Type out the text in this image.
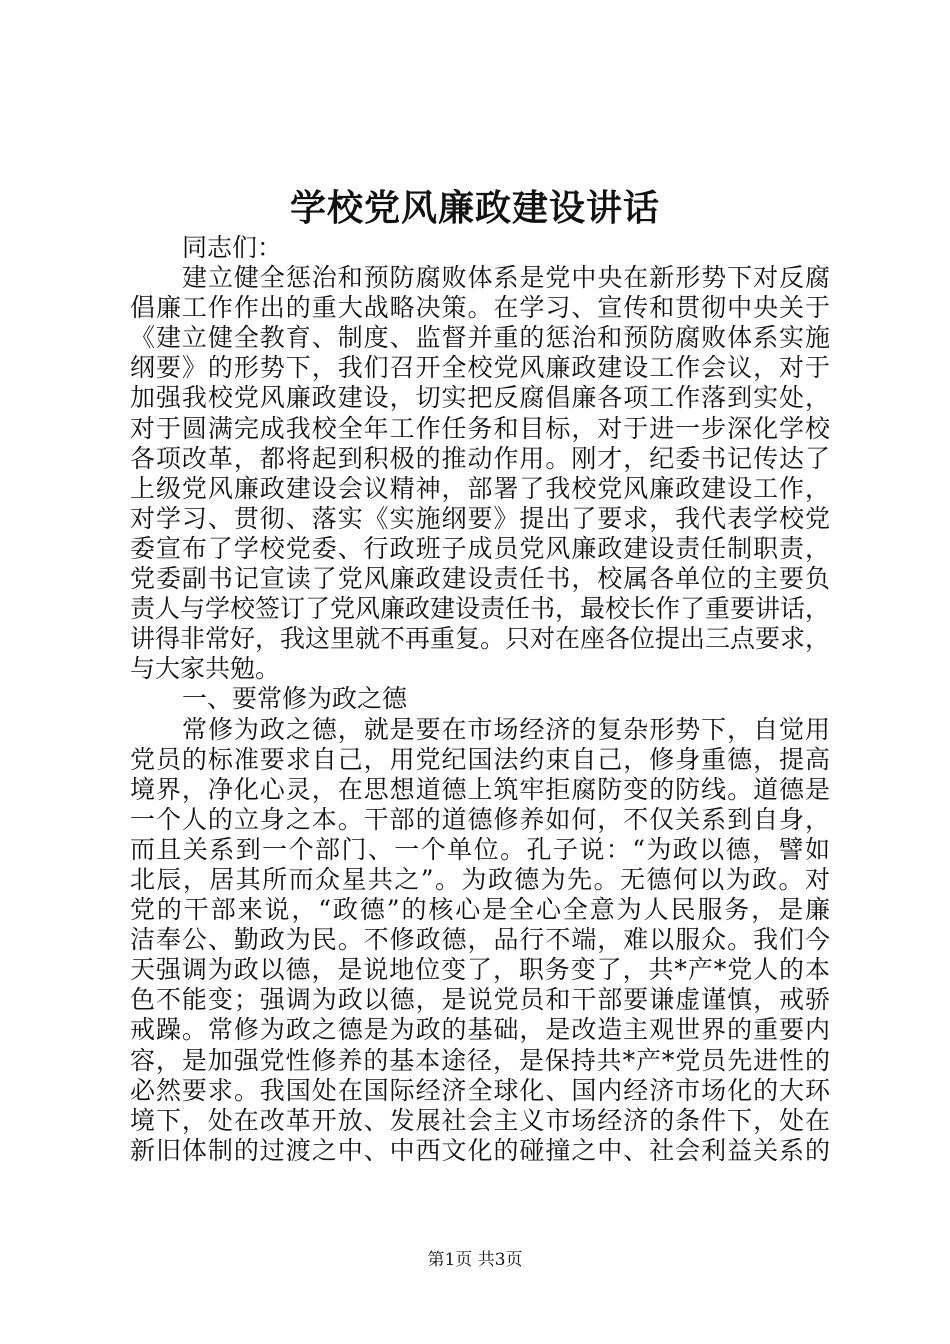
学校党风廉政建设讲话
同志们：
建立健全惩治和预防腐败体系是党中央在新形势下对反腐
倡廉工作作出的重大战略决策。在学习、宣传和贯彻中央关于
《建立健全教育、制度、监督并重的惩治和预防腐败体系实施
纲要》的形势下，我们召开全校党风廉政建设工作会议，对于
加强我校党风廉政建设，切实把反腐倡廉各项工作落到实处，
对于圆满完成我校全年工作任务和目标，对于进一步深化学校
各项改革，都将起到积极的推动作用。刚才，纪委书记传达了
上级党风廉政建设会议精神，部署了我校党风廉政建设工作，
对学习、贯彻、落实《实施纲要》提出了要求，我代表学校党
委宣布了学校党委、行政班子成员党风廉政建设责任制职责，
党委副书记宣读了党风廉政建设责任书，校属各单位的主要负
责人与学校签订了党风廉政建设责任书，最校长作了重要讲话，
讲得非常好，我这里就不再重复。只对在座各位提出三点要求，
与大家共勉。
一、要常修为政之德
常修为政之德，就是要在市场经济的复杂形势下，自觉用
党员的标准要求自己，用党纪国法约束自己，修身重德，提高
境界，净化心灵，在思想道德上筑牢拒腐防变的防线。道德是
一个人的立身之本。干部的道德修养如何，不仅关系到自身，
而且关系到一个部门、一个单位。孔子说：“为政以德，譬如
北辰，居其所而众星共之”。为政德为先。无德何以为政。对
党的干部来说，“政德”的核心是全心全意为人民服务，是廉
洁奉公、勤政为民。不修政德，品行不端，难以服众。我们今
天强调为政以德，是说地位变了，职务变了，共*产*党人的本
色不能变；强调为政以德，是说党员和干部要谦虚谨慎，戒骄
戒躁。常修为政之德是为政的基础，是改造主观世界的重要内
容，是加强党性修养的基本途径，是保持共*产*党员先进性的
必然要求。我国处在国际经济全球化、国内经济市场化的大环
境下，处在改革开放、发展社会主义市场经济的条件下，处在
新旧体制的过渡之中、中西文化的碰撞之中、社会利益关系的
第1页 共3页
